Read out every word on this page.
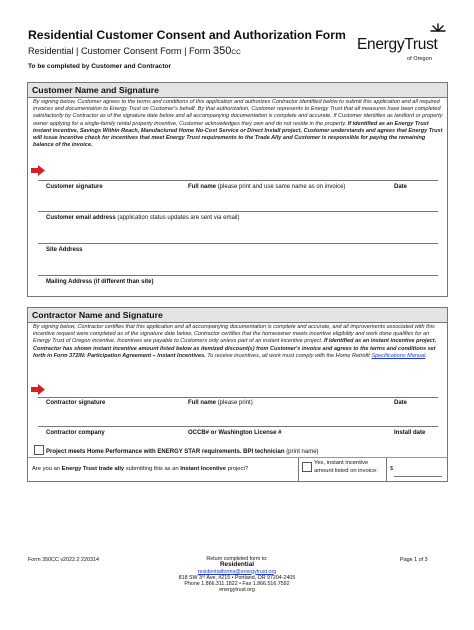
Residential Customer Consent and Authorization Form
Residential | Customer Consent Form | Form 350CC
To be completed by Customer and Contractor
EnergyTrust
of Oregon
Customer Name and Signature
By signing below, Customer agrees to the terms and conditions of this application and authorizes Contractor identified below to submit this application and all required invoices and documentation to Energy Trust on Customer's behalf. By that authorization, Customer represents to Energy Trust that all measures have been completed satisfactorily by Contractor as of the signature date below and all accompanying documentation is complete and accurate. If Customer identifies as landlord or property owner applying for a single-family rental property incentive, Customer acknowledges they own and do not reside in the property. If identified as an Energy Trust instant incentive, Savings Within Reach, Manufactured Home No-Cost Service or Direct Install project, Customer understands and agrees that Energy Trust will issue incentive check for incentives that meet Energy Trust requirements to the Trade Ally and Customer is responsible for paying the remaining balance of the invoice.
Customer signature	Full name (please print and use same name as on invoice)	Date
Customer email address (application status updates are sent via email)
Site Address
Mailing Address (if different than site)
Contractor Name and Signature
By signing below, Contractor certifies that this application and all accompanying documentation is complete and accurate, and all improvements associated with this incentive request were completed as of the signature date below. Contractor certifies that the homeowner meets incentive eligibility and work done qualifies for an Energy Trust of Oregon incentive. Incentives are payable to Customers only unless part of an instant incentive project. If identified as an instant incentive project, Contractor has shown instant incentive amount listed below as itemized discount(s) from Customer's invoice and agrees to the terms and conditions set forth in Form 372IN: Participation Agreement – Instant Incentives. To receive incentives, all work must comply with the Home Retrofit Specifications Manual.
Contractor signature	Full name (please print)	Date
Contractor company	OCCB# or Washington License #	Install date
Project meets Home Performance with ENERGY STAR requirements. BPI technician (print name)
Are you an Energy Trust trade ally submitting this as an Instant Incentive project?
Yes, instant incentive
amount listed on invoice: $
Form 350CC v2022.2 220314	Return completed form to:
Residential
residentialforms@energytrust.org
818 SW 3ʳᵈ Ave, #215 • Portland, OR 97204-2405
Phone 1.866.311.1822 • Fax 1.866.516.7592
energytrust.org
Page 1 of 3
